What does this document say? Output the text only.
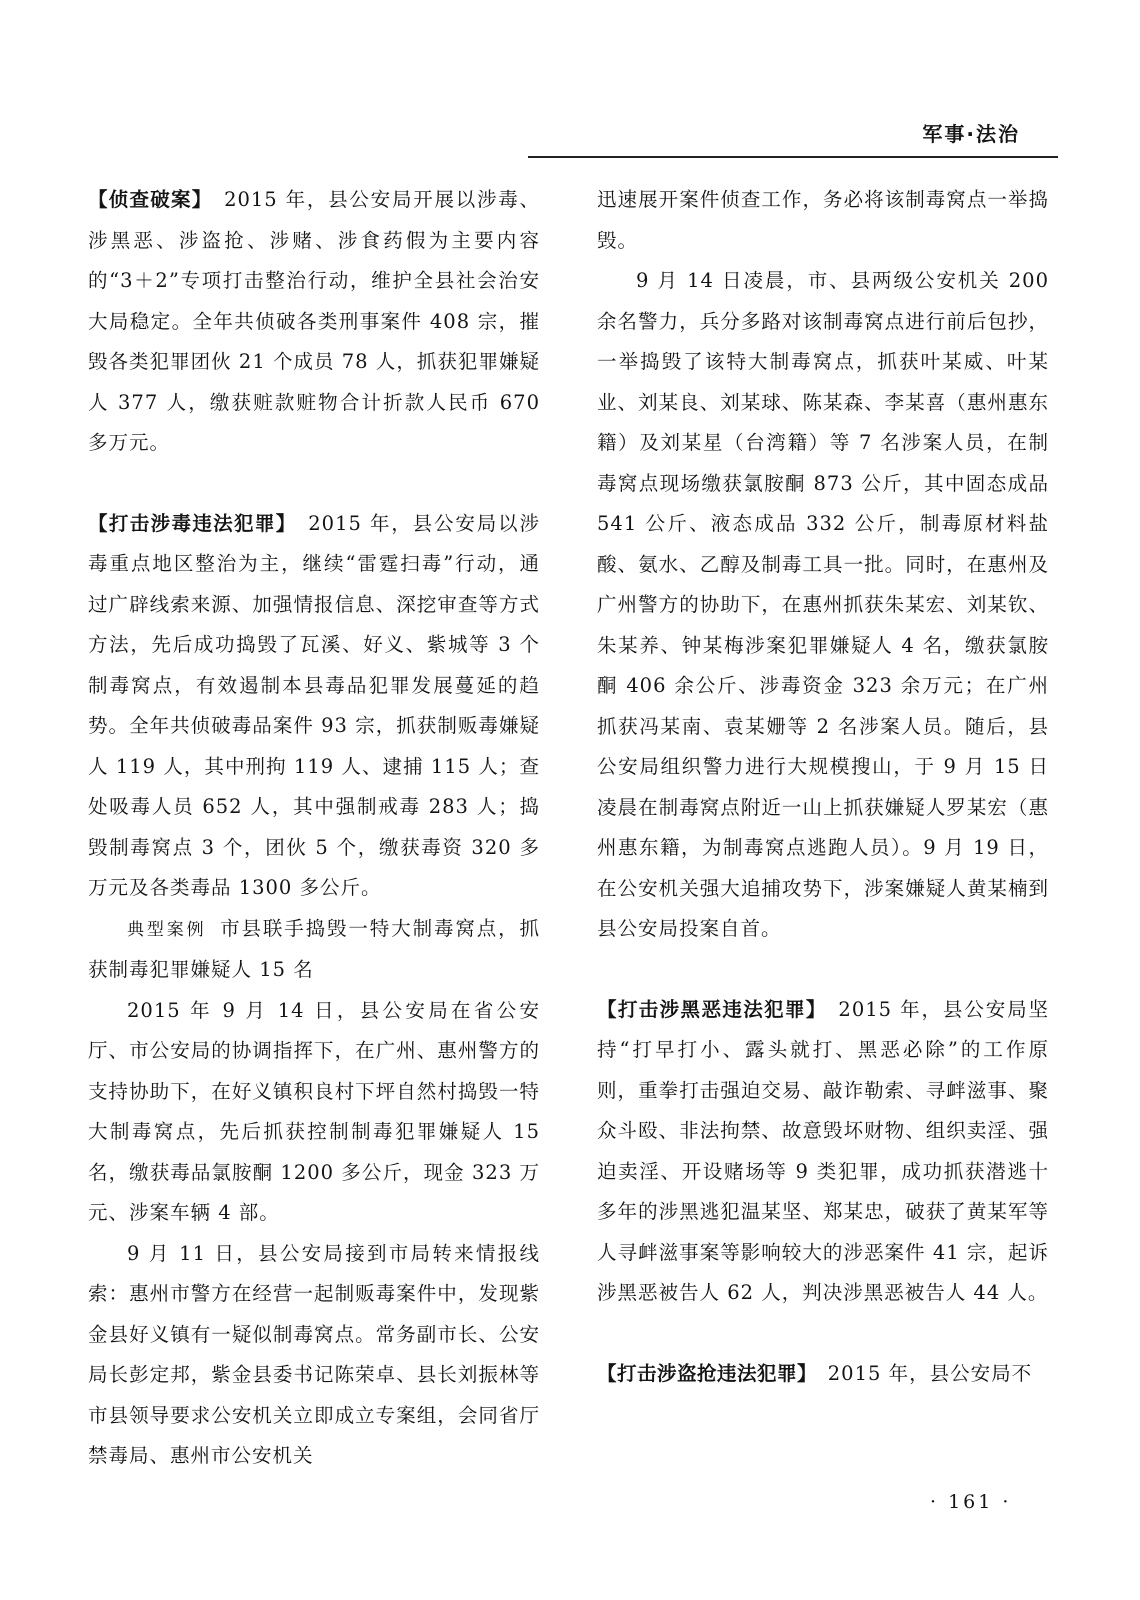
军事·法治

【侦查破案】　2015 年，县公安局开展以涉毒、涉黑恶、涉盗抢、涉赌、涉食药假为主要内容的“3＋2”专项打击整治行动，维护全县社会治安大局稳定。全年共侦破各类刑事案件 408 宗，摧毁各类犯罪团伙 21 个成员 78 人，抓获犯罪嫌疑人 377 人，缴获赃款赃物合计折款人民币 670 多万元。

【打击涉毒违法犯罪】　2015 年，县公安局以涉毒重点地区整治为主，继续“雷霆扫毒”行动，通过广辟线索来源、加强情报信息、深挖审查等方式方法，先后成功捣毁了瓦溪、好义、紫城等 3 个制毒窝点，有效遏制本县毒品犯罪发展蔓延的趋势。全年共侦破毒品案件 93 宗，抓获制贩毒嫌疑人 119 人，其中刑拘 119 人、逮捕 115 人；查处吸毒人员 652 人，其中强制戒毒 283 人；捣毁制毒窝点 3 个，团伙 5 个，缴获毒资 320 多万元及各类毒品 1300 多公斤。

典型案例 市县联手捣毁一特大制毒窝点，抓获制毒犯罪嫌疑人 15 名

2015 年 9 月 14 日，县公安局在省公安厅、市公安局的协调指挥下，在广州、惠州警方的支持协助下，在好义镇积良村下坪自然村捣毁一特大制毒窝点，先后抓获控制制毒犯罪嫌疑人 15 名，缴获毒品氯胺酮 1200 多公斤，现金 323 万元、涉案车辆 4 部。

9 月 11 日，县公安局接到市局转来情报线索：惠州市警方在经营一起制贩毒案件中，发现紫金县好义镇有一疑似制毒窝点。常务副市长、公安局长彭定邦，紫金县委书记陈荣卓、县长刘振林等市县领导要求公安机关立即成立专案组，会同省厅禁毒局、惠州市公安机关

迅速展开案件侦查工作，务必将该制毒窝点一举捣毁。

9 月 14 日凌晨，市、县两级公安机关 200 余名警力，兵分多路对该制毒窝点进行前后包抄，一举捣毁了该特大制毒窝点，抓获叶某威、叶某业、刘某良、刘某球、陈某森、李某喜（惠州惠东籍）及刘某星（台湾籍）等 7 名涉案人员，在制毒窝点现场缴获氯胺酮 873 公斤，其中固态成品 541 公斤、液态成品 332 公斤，制毒原材料盐酸、氨水、乙醇及制毒工具一批。同时，在惠州及广州警方的协助下，在惠州抓获朱某宏、刘某钦、朱某养、钟某梅涉案犯罪嫌疑人 4 名，缴获氯胺酮 406 余公斤、涉毒资金 323 余万元；在广州抓获冯某南、袁某姗等 2 名涉案人员。随后，县公安局组织警力进行大规模搜山，于 9 月 15 日凌晨在制毒窝点附近一山上抓获嫌疑人罗某宏（惠州惠东籍，为制毒窝点逃跑人员）。9 月 19 日，在公安机关强大追捕攻势下，涉案嫌疑人黄某楠到县公安局投案自首。

【打击涉黑恶违法犯罪】　2015 年，县公安局坚持“打早打小、露头就打、黑恶必除”的工作原则，重拳打击强迫交易、敲诈勒索、寻衅滋事、聚众斗殴、非法拘禁、故意毁坏财物、组织卖淫、强迫卖淫、开设赌场等 9 类犯罪，成功抓获潜逃十多年的涉黑逃犯温某坚、郑某忠，破获了黄某军等人寻衅滋事案等影响较大的涉恶案件 41 宗，起诉涉黑恶被告人 62 人，判决涉黑恶被告人 44 人。

【打击涉盗抢违法犯罪】　2015 年，县公安局不

· 161 ·
